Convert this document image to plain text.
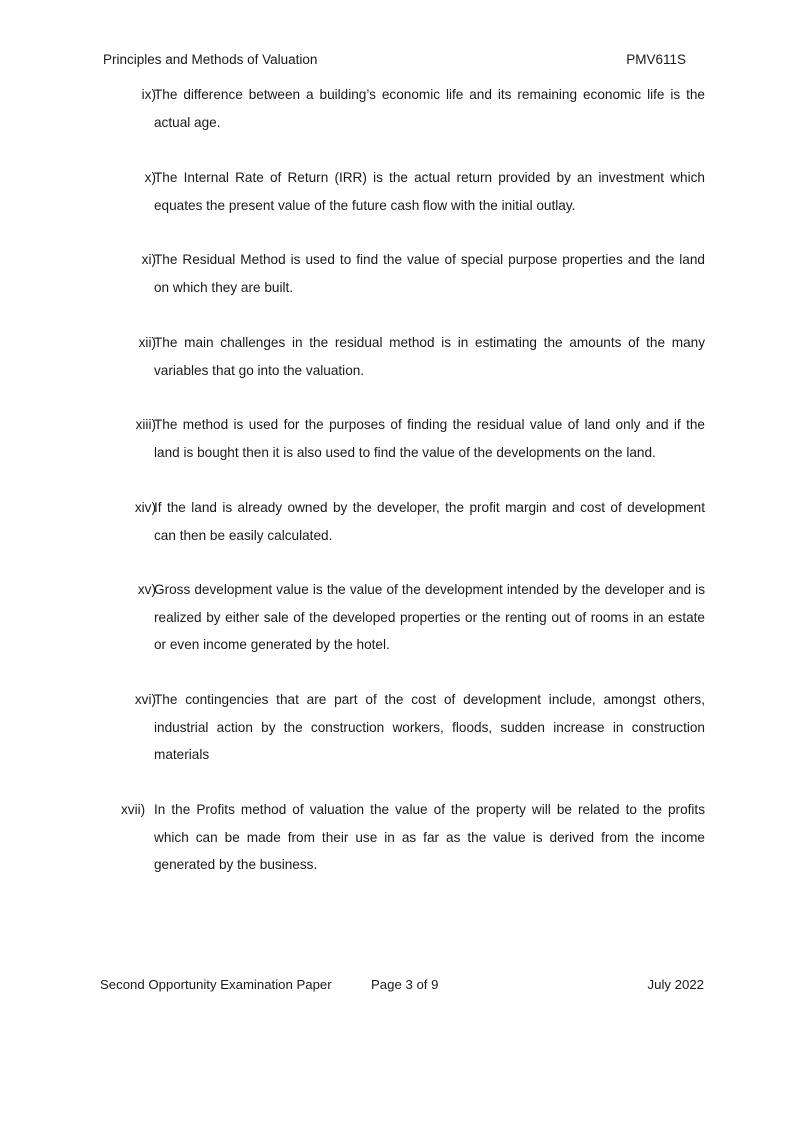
Principles and Methods of Valuation	PMV611S
ix)
The difference between a building’s economic life and its remaining economic life is the actual age.
x)
The Internal Rate of Return (IRR) is the actual return provided by an investment which equates the present value of the future cash flow with the initial outlay.
xi)
The Residual Method is used to find the value of special purpose properties and the land on which they are built.
xii)
The main challenges in the residual method is in estimating the amounts of the many variables that go into the valuation.
xiii)
The method is used for the purposes of finding the residual value of land only and if the land is bought then it is also used to find the value of the developments on the land.
xiv)
If the land is already owned by the developer, the profit margin and cost of development can then be easily calculated.
xv)
Gross development value is the value of the development intended by the developer and is realized by either sale of the developed properties or the renting out of rooms in an estate or even income generated by the hotel.
xvi)
The contingencies that are part of the cost of development include, amongst others, industrial action by the construction workers, floods, sudden increase in construction materials
xvii) In the Profits method of valuation the value of the property will be related to the profits which can be made from their use in as far as the value is derived from the income generated by the business.
Second Opportunity Examination Paper	Page 3 of 9	July 2022
